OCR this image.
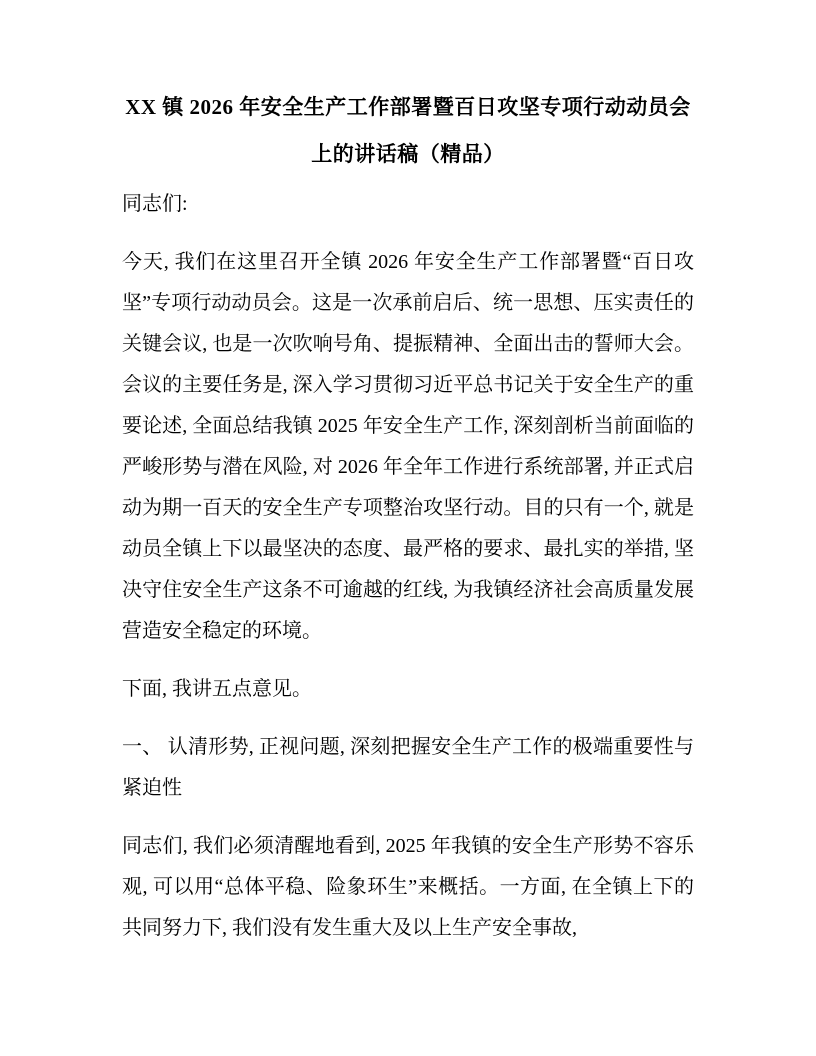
XX 镇 2026 年安全生产工作部署暨百日攻坚专项行动动员会上的讲话稿（精品）

同志们:

今天, 我们在这里召开全镇 2026 年安全生产工作部署暨“百日攻坚”专项行动动员会。这是一次承前启后、统一思想、压实责任的关键会议, 也是一次吹响号角、提振精神、全面出击的誓师大会。会议的主要任务是, 深入学习贯彻习近平总书记关于安全生产的重要论述, 全面总结我镇 2025 年安全生产工作, 深刻剖析当前面临的严峻形势与潜在风险, 对 2026 年全年工作进行系统部署, 并正式启动为期一百天的安全生产专项整治攻坚行动。目的只有一个, 就是动员全镇上下以最坚决的态度、最严格的要求、最扎实的举措, 坚决守住安全生产这条不可逾越的红线, 为我镇经济社会高质量发展营造安全稳定的环境。

下面, 我讲五点意见。

一、 认清形势, 正视问题, 深刻把握安全生产工作的极端重要性与紧迫性

同志们, 我们必须清醒地看到, 2025 年我镇的安全生产形势不容乐观, 可以用“总体平稳、险象环生”来概括。一方面, 在全镇上下的共同努力下, 我们没有发生重大及以上生产安全事故,
